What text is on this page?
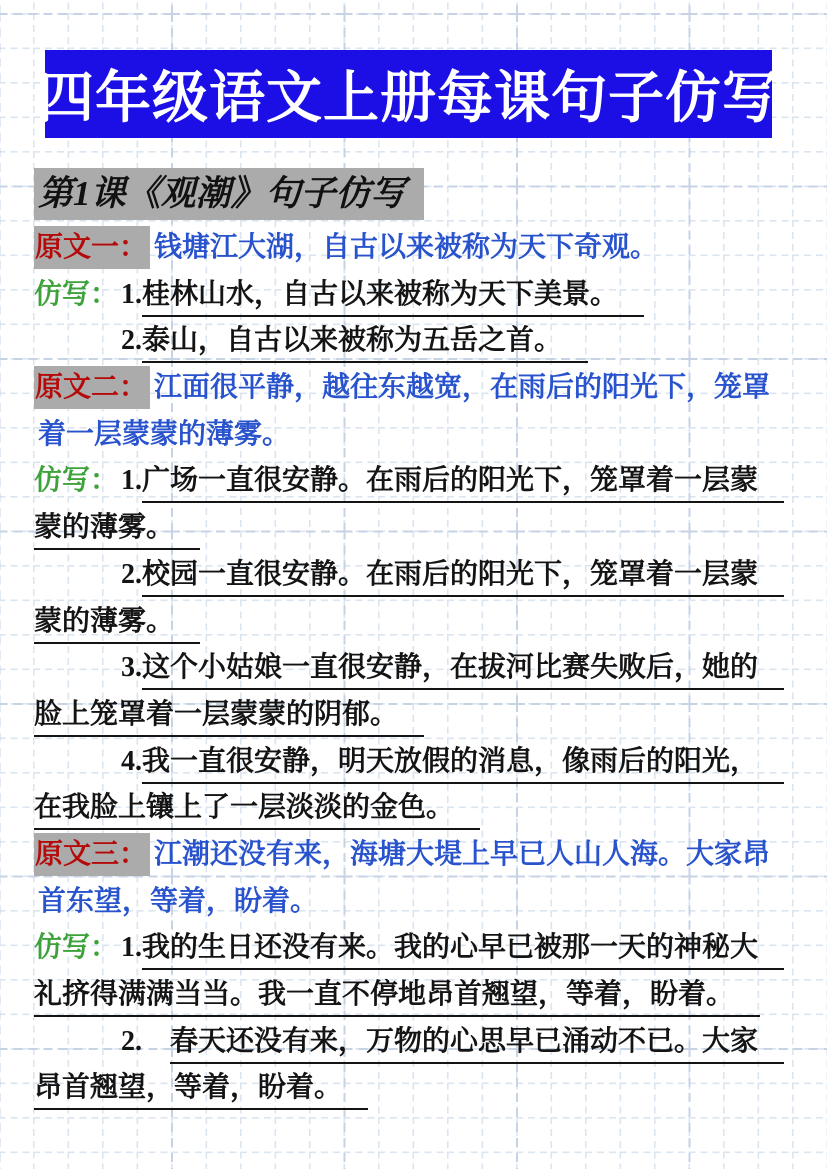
四年级语文上册每课句子仿写
第1课《观潮》句子仿写
原文一： 钱塘江大湖，自古以来被称为天下奇观。
仿写： 1.桂林山水，自古以来被称为天下美景。
2.泰山，自古以来被称为五岳之首。
原文二： 江面很平静，越往东越宽，在雨后的阳光下，笼罩
着一层蒙蒙的薄雾。
仿写： 1.广场一直很安静。在雨后的阳光下，笼罩着一层蒙
蒙的薄雾。
2.校园一直很安静。在雨后的阳光下，笼罩着一层蒙
蒙的薄雾。
3.这个小姑娘一直很安静，在拔河比赛失败后，她的
脸上笼罩着一层蒙蒙的阴郁。
4.我一直很安静，明天放假的消息，像雨后的阳光，
在我脸上镶上了一层淡淡的金色。
原文三： 江潮还没有来，海塘大堤上早已人山人海。大家昂
首东望，等着，盼着。
仿写： 1.我的生日还没有来。我的心早已被那一天的神秘大
礼挤得满满当当。我一直不停地昂首翘望，等着，盼着。
2.  春天还没有来，万物的心思早已涌动不已。大家
昂首翘望，等着，盼着。
